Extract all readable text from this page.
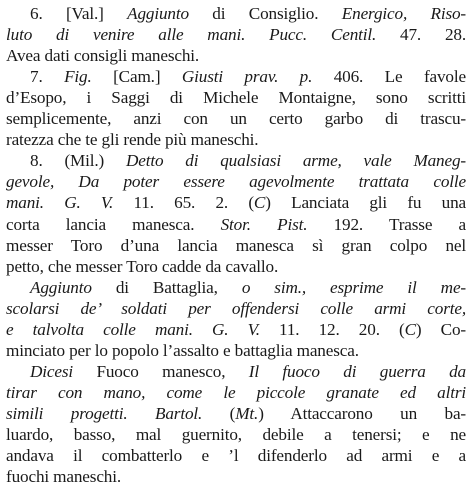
6. [Val.] Aggiunto di Consiglio. Energico, Riso-
luto di venire alle mani. Pucc. Centil. 47. 28.
Avea dati consigli maneschi.
7. Fig. [Cam.] Giusti prav. p. 406. Le favole
d’Esopo, i Saggi di Michele Montaigne, sono scritti
semplicemente, anzi con un certo garbo di trascu-
ratezza che te gli rende più maneschi.
8. (Mil.) Detto di qualsiasi arme, vale Maneg-
gevole, Da poter essere agevolmente trattata colle
mani. G. V. 11. 65. 2. (C) Lanciata gli fu una
corta lancia manesca. Stor. Pist. 192. Trasse a
messer Toro d’una lancia manesca sì gran colpo nel
petto, che messer Toro cadde da cavallo.
Aggiunto di Battaglia, o sim., esprime il me-
scolarsi de’ soldati per offendersi colle armi corte,
e talvolta colle mani. G. V. 11. 12. 20. (C) Co-
minciato per lo popolo l’assalto e battaglia manesca.
Dicesi Fuoco manesco, Il fuoco di guerra da
tirar con mano, come le piccole granate ed altri
simili progetti. Bartol. (Mt.) Attaccarono un ba-
luardo, basso, mal guernito, debile a tenersi; e ne
andava il combatterlo e ’l difenderlo ad armi e a
fuochi maneschi.
